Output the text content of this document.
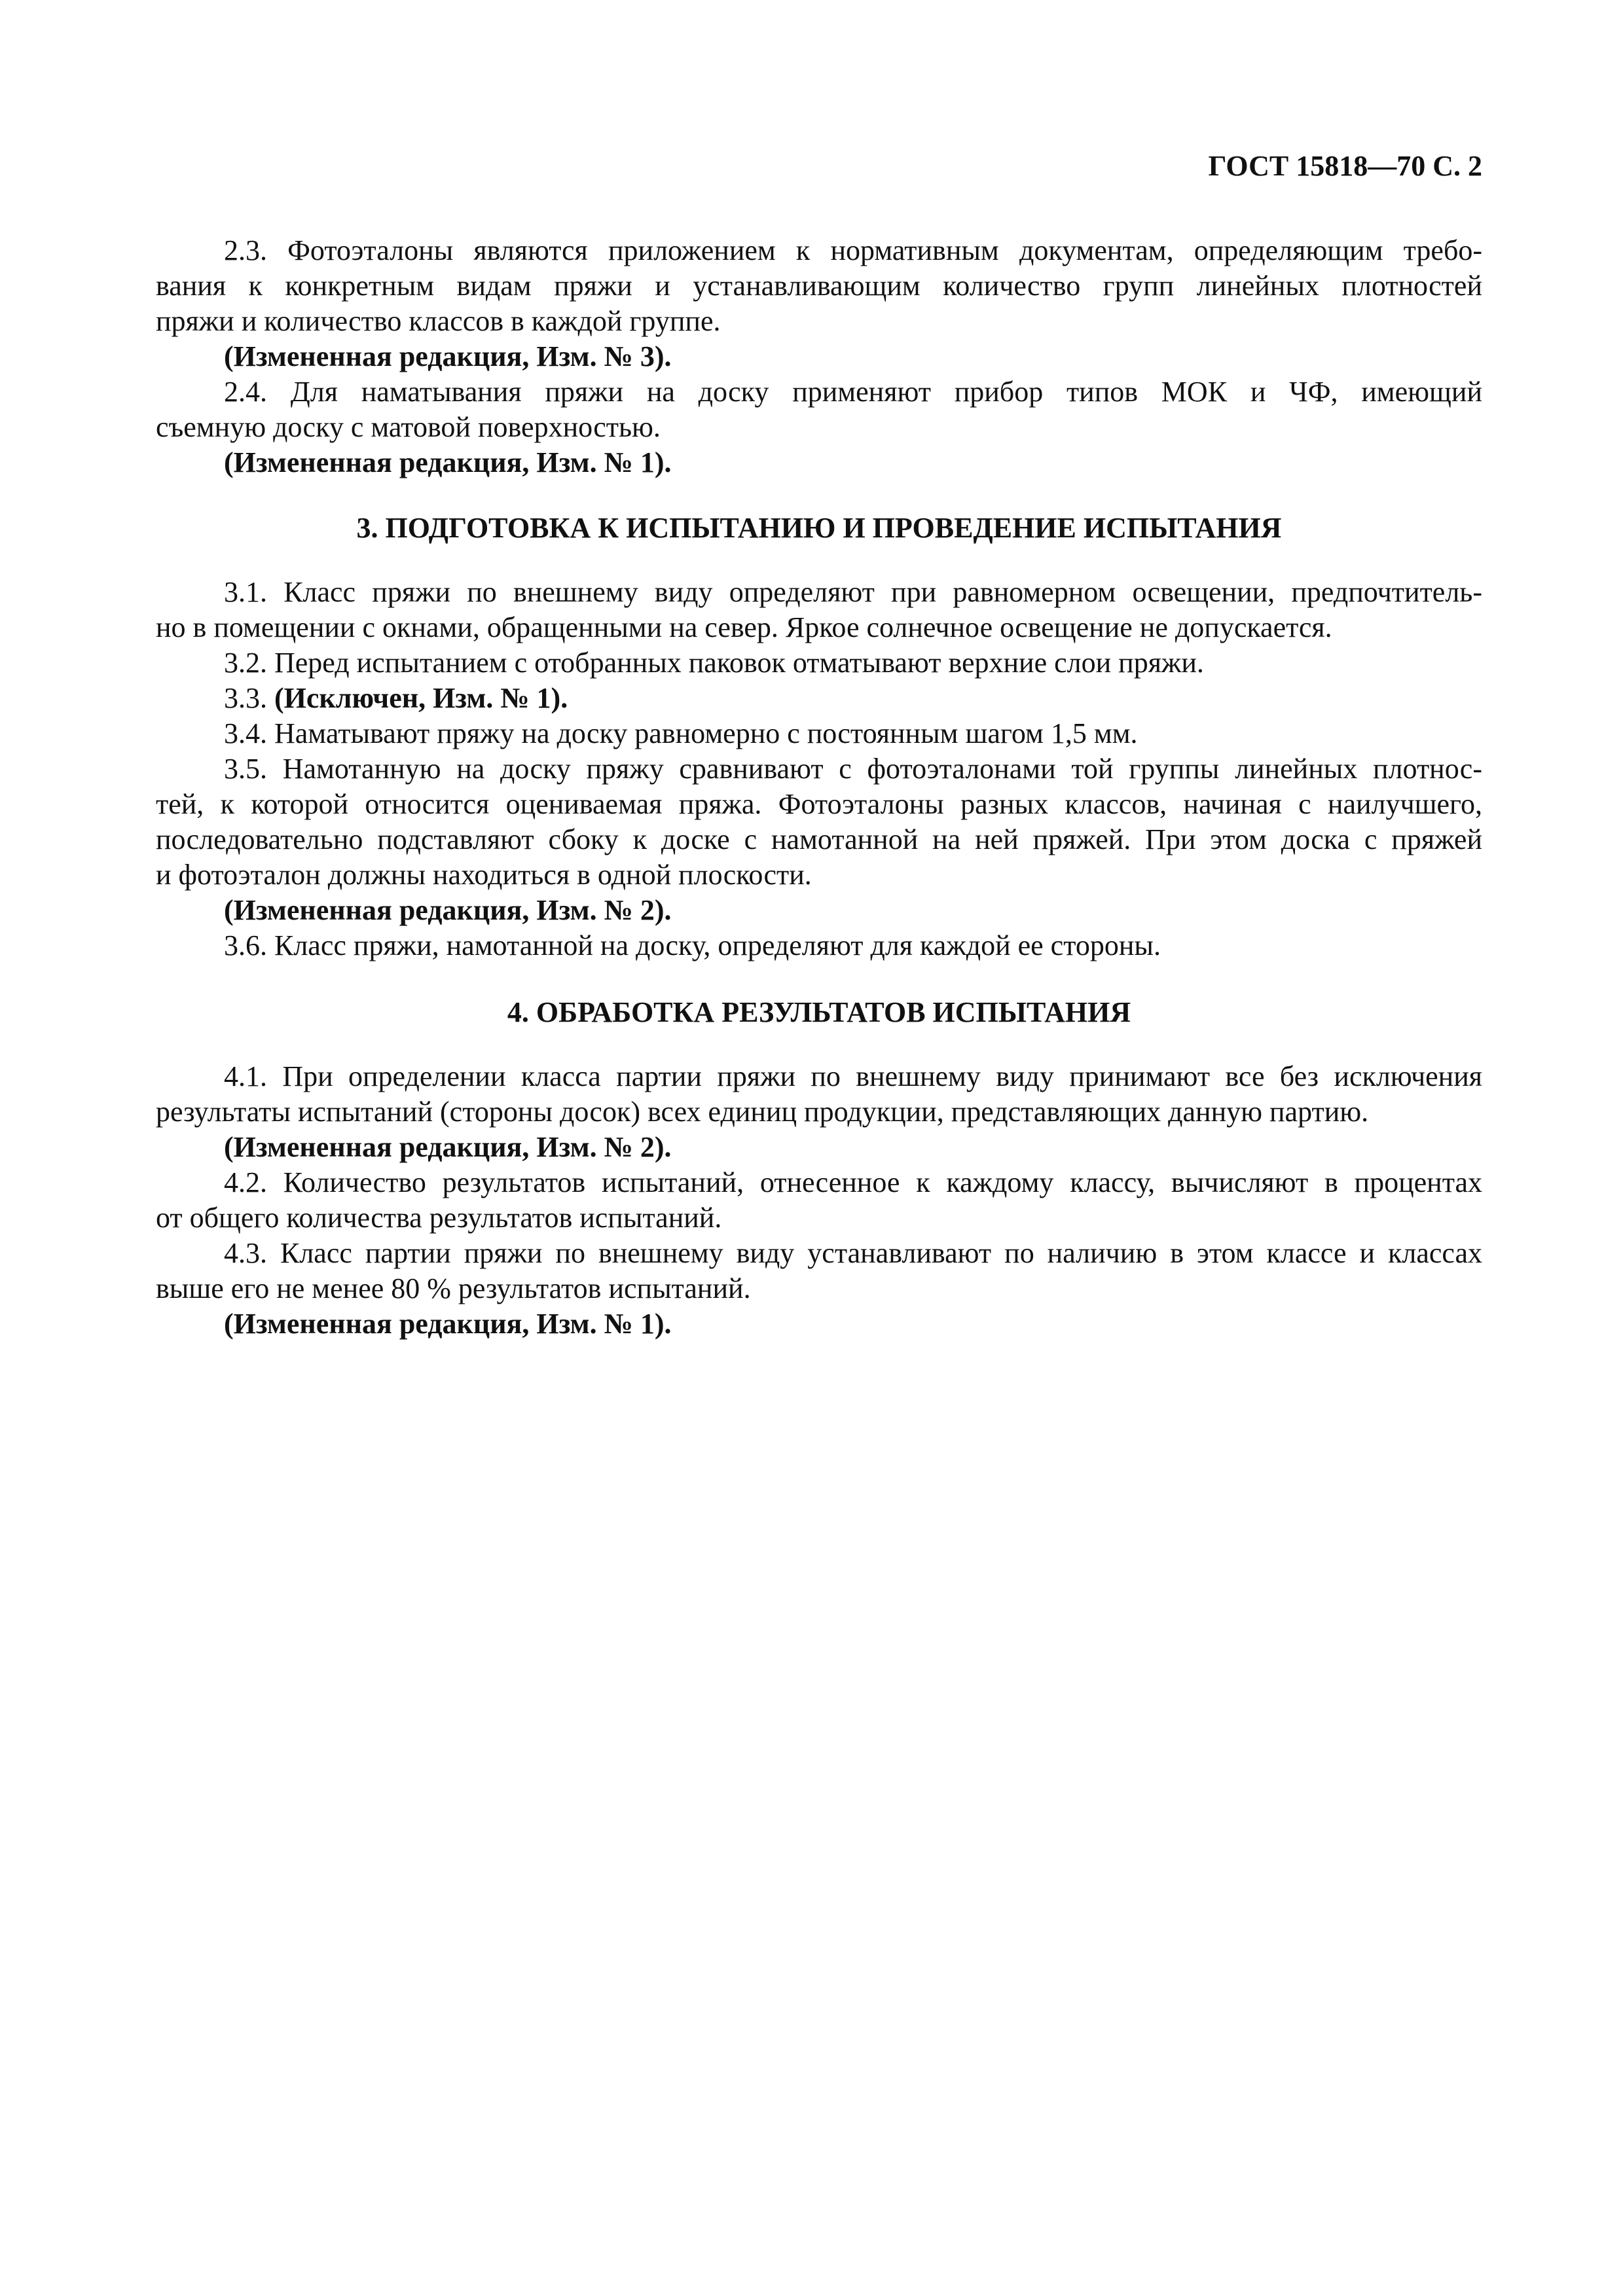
ГОСТ 15818—70 С. 2
2.3. Фотоэталоны являются приложением к нормативным документам, определяющим требо-
вания к конкретным видам пряжи и устанавливающим количество групп линейных плотностей
пряжи и количество классов в каждой группе.
(Измененная редакция, Изм. № 3).
2.4. Для наматывания пряжи на доску применяют прибор типов МОК и ЧФ, имеющий
съемную доску с матовой поверхностью.
(Измененная редакция, Изм. № 1).
3. ПОДГОТОВКА К ИСПЫТАНИЮ И ПРОВЕДЕНИЕ ИСПЫТАНИЯ
3.1. Класс пряжи по внешнему виду определяют при равномерном освещении, предпочтитель-
но в помещении с окнами, обращенными на север. Яркое солнечное освещение не допускается.
3.2. Перед испытанием с отобранных паковок отматывают верхние слои пряжи.
3.3. (Исключен, Изм. № 1).
3.4. Наматывают пряжу на доску равномерно с постоянным шагом 1,5 мм.
3.5. Намотанную на доску пряжу сравнивают с фотоэталонами той группы линейных плотнос-
тей, к которой относится оцениваемая пряжа. Фотоэталоны разных классов, начиная с наилучшего,
последовательно подставляют сбоку к доске с намотанной на ней пряжей. При этом доска с пряжей
и фотоэталон должны находиться в одной плоскости.
(Измененная редакция, Изм. № 2).
3.6. Класс пряжи, намотанной на доску, определяют для каждой ее стороны.
4. ОБРАБОТКА РЕЗУЛЬТАТОВ ИСПЫТАНИЯ
4.1. При определении класса партии пряжи по внешнему виду принимают все без исключения
результаты испытаний (стороны досок) всех единиц продукции, представляющих данную партию.
(Измененная редакция, Изм. № 2).
4.2. Количество результатов испытаний, отнесенное к каждому классу, вычисляют в процентах
от общего количества результатов испытаний.
4.3. Класс партии пряжи по внешнему виду устанавливают по наличию в этом классе и классах
выше его не менее 80 % результатов испытаний.
(Измененная редакция, Изм. № 1).
